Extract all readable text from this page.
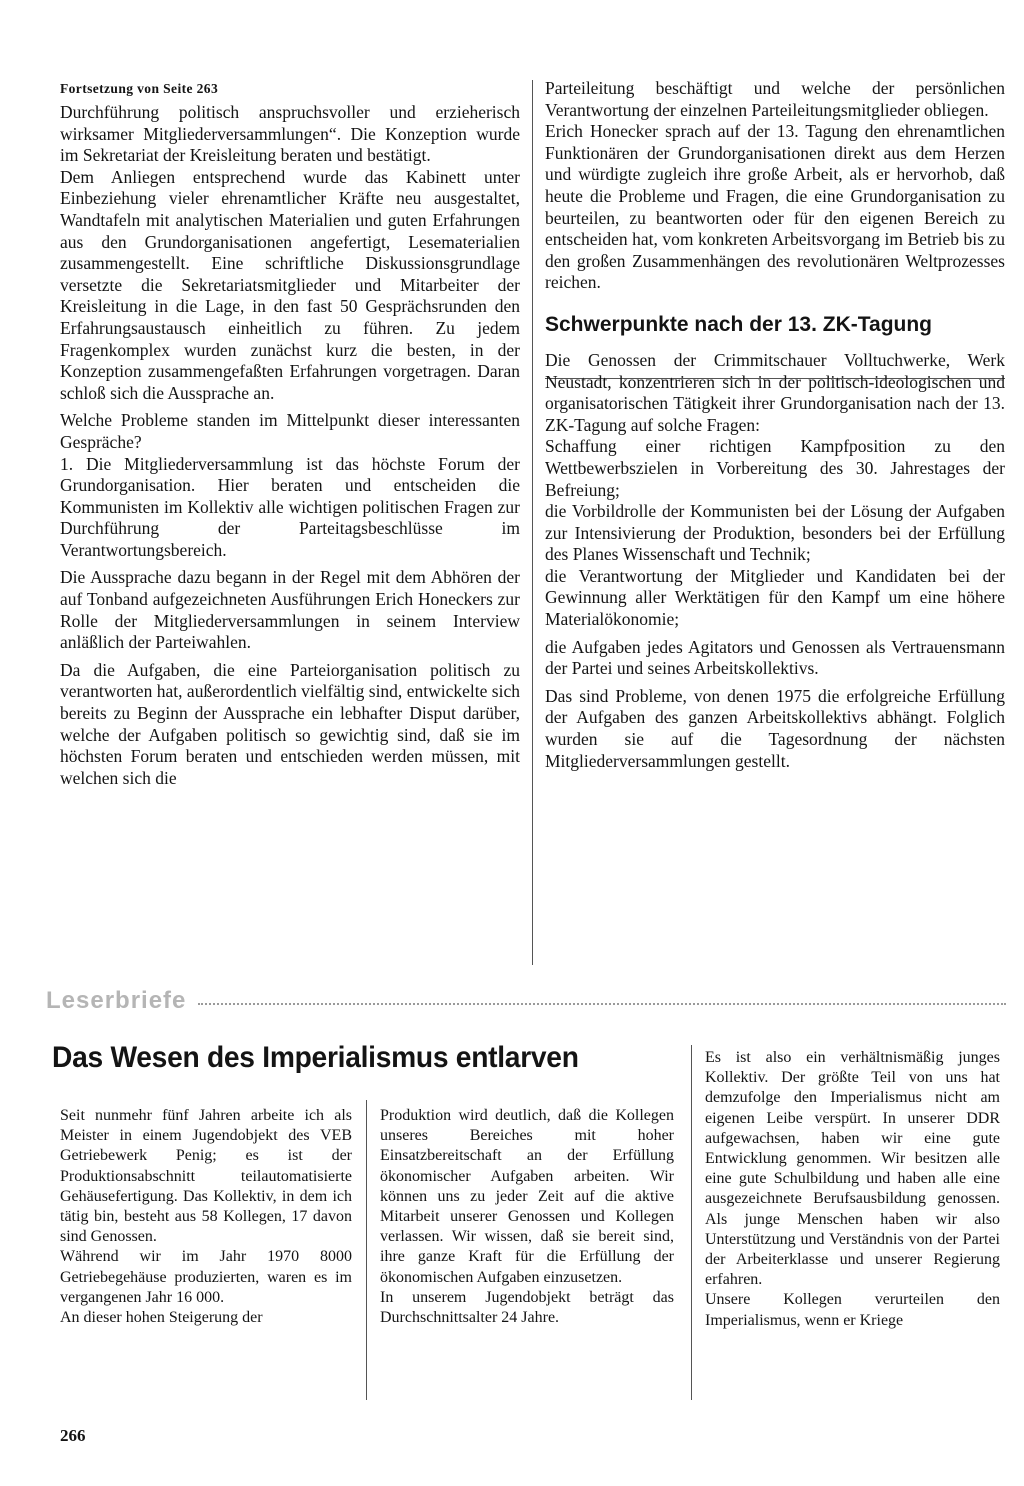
Fortsetzung von Seite 263

Durchführung politisch anspruchsvoller und erzieherisch wirksamer Mitgliederversammlungen“. Die Konzeption wurde im Sekretariat der Kreisleitung beraten und bestätigt.

Dem Anliegen entsprechend wurde das Kabinett unter Einbeziehung vieler ehrenamtlicher Kräfte neu ausgestaltet, Wandtafeln mit analytischen Materialien und guten Erfahrungen aus den Grundorganisationen angefertigt, Lesematerialien zusammengestellt. Eine schriftliche Diskussionsgrundlage versetzte die Sekretariatsmitglieder und Mitarbeiter der Kreisleitung in die Lage, in den fast 50 Gesprächsrunden den Erfahrungsaustausch einheitlich zu führen. Zu jedem Fragenkomplex wurden zunächst kurz die besten, in der Konzeption zusammengefaßten Erfahrungen vorgetragen. Daran schloß sich die Aussprache an.

Welche Probleme standen im Mittelpunkt dieser interessanten Gespräche?

1. Die Mitgliederversammlung ist das höchste Forum der Grundorganisation. Hier beraten und entscheiden die Kommunisten im Kollektiv alle wichtigen politischen Fragen zur Durchführung der Parteitagsbeschlüsse im Verantwortungsbereich.

Die Aussprache dazu begann in der Regel mit dem Abhören der auf Tonband aufgezeichneten Ausführungen Erich Honeckers zur Rolle der Mitgliederversammlungen in seinem Interview anläßlich der Parteiwahlen.

Da die Aufgaben, die eine Parteiorganisation politisch zu verantworten hat, außerordentlich vielfältig sind, entwickelte sich bereits zu Beginn der Aussprache ein lebhafter Disput darüber, welche der Aufgaben politisch so gewichtig sind, daß sie im höchsten Forum beraten und entschieden werden müssen, mit welchen sich die

Parteileitung beschäftigt und welche der persönlichen Verantwortung der einzelnen Parteileitungsmitglieder obliegen.

Erich Honecker sprach auf der 13. Tagung den ehrenamtlichen Funktionären der Grundorganisationen direkt aus dem Herzen und würdigte zugleich ihre große Arbeit, als er hervorhob, daß heute die Probleme und Fragen, die eine Grundorganisation zu beurteilen, zu beantworten oder für den eigenen Bereich zu entscheiden hat, vom konkreten Arbeitsvorgang im Betrieb bis zu den großen Zusammenhängen des revolutionären Weltprozesses reichen.

Schwerpunkte nach der 13. ZK-Tagung

Die Genossen der Crimmitschauer Volltuchwerke, Werk Neustadt, konzentrieren sich in der politisch-ideologischen und organisatorischen Tätigkeit ihrer Grundorganisation nach der 13. ZK-Tagung auf solche Fragen:

Schaffung einer richtigen Kampfposition zu den Wettbewerbszielen in Vorbereitung des 30. Jahrestages der Befreiung;

die Vorbildrolle der Kommunisten bei der Lösung der Aufgaben zur Intensivierung der Produktion, besonders bei der Erfüllung des Planes Wissenschaft und Technik;

die Verantwortung der Mitglieder und Kandidaten bei der Gewinnung aller Werktätigen für den Kampf um eine höhere Materialökonomie;

die Aufgaben jedes Agitators und Genossen als Vertrauensmann der Partei und seines Arbeitskollektivs.

Das sind Probleme, von denen 1975 die erfolgreiche Erfüllung der Aufgaben des ganzen Arbeitskollektivs abhängt. Folglich wurden sie auf die Tagesordnung der nächsten Mitgliederversammlungen gestellt.

Leserbriefe
Das Wesen des Imperialismus entlarven

Seit nunmehr fünf Jahren arbeite ich als Meister in einem Jugendobjekt des VEB Getriebewerk Penig; es ist der Produktionsabschnitt teilautomatisierte Gehäusefertigung. Das Kollektiv, in dem ich tätig bin, besteht aus 58 Kollegen, 17 davon sind Genossen.

Während wir im Jahr 1970 8000 Getriebegehäuse produzierten, waren es im vergangenen Jahr 16 000.

An dieser hohen Steigerung der

Produktion wird deutlich, daß die Kollegen unseres Bereiches mit hoher Einsatzbereitschaft an der Erfüllung ökonomischer Aufgaben arbeiten. Wir können uns zu jeder Zeit auf die aktive Mitarbeit unserer Genossen und Kollegen verlassen. Wir wissen, daß sie bereit sind, ihre ganze Kraft für die Erfüllung der ökonomischen Aufgaben einzusetzen.

In unserem Jugendobjekt beträgt das Durchschnittsalter 24 Jahre.

Es ist also ein verhältnismäßig junges Kollektiv. Der größte Teil von uns hat demzufolge den Imperialismus nicht am eigenen Leibe verspürt. In unserer DDR aufgewachsen, haben wir eine gute Entwicklung genommen. Wir besitzen alle eine gute Schulbildung und haben alle eine ausgezeichnete Berufsausbildung genossen. Als junge Menschen haben wir also Unterstützung und Verständnis von der Partei der Arbeiterklasse und unserer Regierung erfahren.

Unsere Kollegen verurteilen den Imperialismus, wenn er Kriege

266
